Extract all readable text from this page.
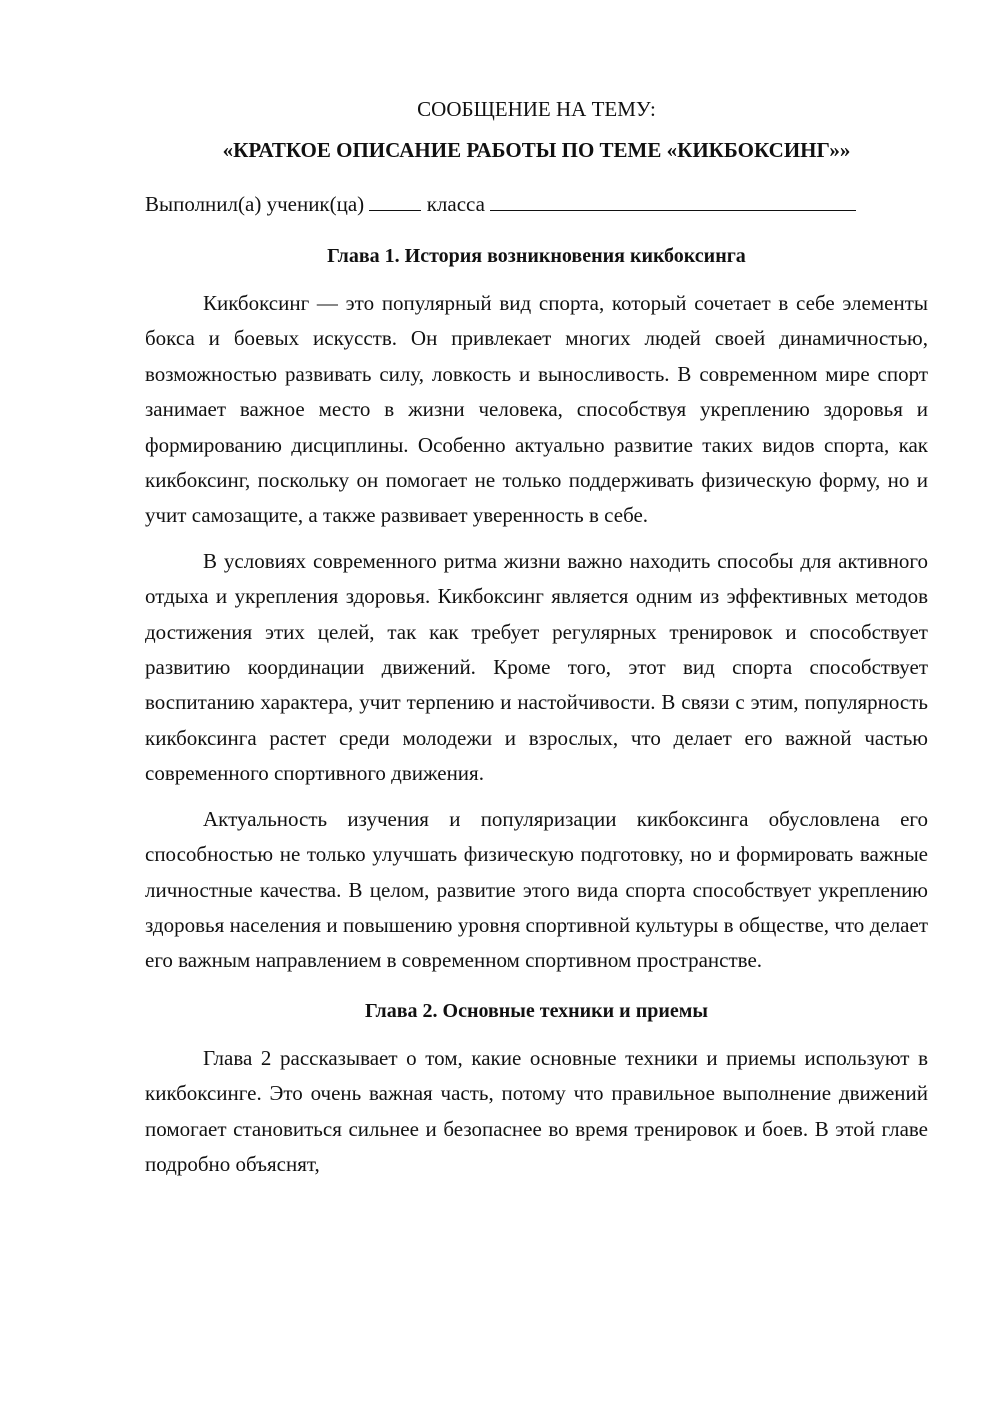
СООБЩЕНИЕ НА ТЕМУ:

«КРАТКОЕ ОПИСАНИЕ РАБОТЫ ПО ТЕМЕ «КИКБОКСИНГ»»

Выполнил(а) ученик(ца)	класса

Глава 1. История возникновения кикбоксинга

Кикбоксинг — это популярный вид спорта, который сочетает в себе элементы бокса и боевых искусств. Он привлекает многих людей своей динамичностью, возможностью развивать силу, ловкость и выносливость. В современном мире спорт занимает важное место в жизни человека, способствуя укреплению здоровья и формированию дисциплины. Особенно актуально развитие таких видов спорта, как кикбоксинг, поскольку он помогает не только поддерживать физическую форму, но и учит самозащите, а также развивает уверенность в себе.

В условиях современного ритма жизни важно находить способы для активного отдыха и укрепления здоровья. Кикбоксинг является одним из эффективных методов достижения этих целей, так как требует регулярных тренировок и способствует развитию координации движений. Кроме того, этот вид спорта способствует воспитанию характера, учит терпению и настойчивости. В связи с этим, популярность кикбоксинга растет среди молодежи и взрослых, что делает его важной частью современного спортивного движения.

Актуальность изучения и популяризации кикбоксинга обусловлена его способностью не только улучшать физическую подготовку, но и формировать важные личностные качества. В целом, развитие этого вида спорта способствует укреплению здоровья населения и повышению уровня спортивной культуры в обществе, что делает его важным направлением в современном спортивном пространстве.

Глава 2. Основные техники и приемы

Глава 2 рассказывает о том, какие основные техники и приемы используют в кикбоксинге. Это очень важная часть, потому что правильное выполнение движений помогает становиться сильнее и безопаснее во время тренировок и боев. В этой главе подробно объяснят,
